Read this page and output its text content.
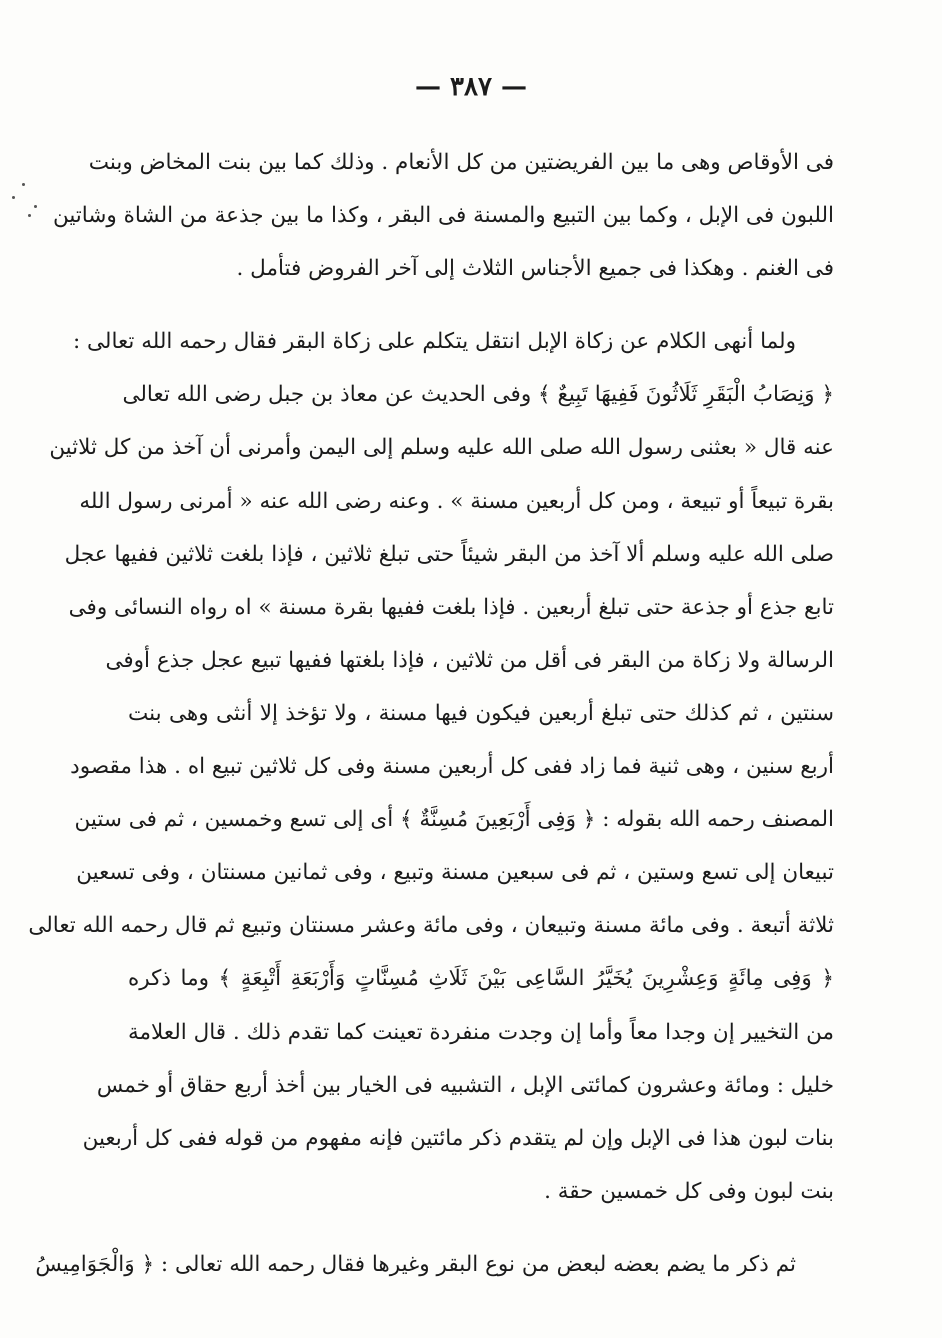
— ٣٨٧ —
فى الأوقاص وهى ما بين الفريضتين من كل الأنعام . وذلك كما بين بنت المخاض وبنت
اللبون فى الإبل ، وكما بين التبيع والمسنة فى البقر ، وكذا ما بين جذعة من الشاة وشاتين
فى الغنم . وهكذا فى جميع الأجناس الثلاث إلى آخر الفروض فتأمل .
ولما أنهى الكلام عن زكاة الإبل انتقل يتكلم على زكاة البقر فقال رحمه الله تعالى :
﴿ وَنِصَابُ الْبَقَرِ ثَلَاثُونَ فَفِيهَا تَبِيعٌ ﴾ وفى الحديث عن معاذ بن جبل رضى الله تعالى
عنه قال « بعثنى رسول الله صلى الله عليه وسلم إلى اليمن وأمرنى أن آخذ من كل ثلاثين
بقرة تبيعاً أو تبيعة ، ومن كل أربعين مسنة » . وعنه رضى الله عنه « أمرنى رسول الله
صلى الله عليه وسلم ألا آخذ من البقر شيئاً حتى تبلغ ثلاثين ، فإذا بلغت ثلاثين ففيها عجل
تابع جذع أو جذعة حتى تبلغ أربعين . فإذا بلغت ففيها بقرة مسنة » اه رواه النسائى وفى
الرسالة ولا زكاة من البقر فى أقل من ثلاثين ، فإذا بلغتها ففيها تبيع عجل جذع أوفى
سنتين ، ثم كذلك حتى تبلغ أربعين فيكون فيها مسنة ، ولا تؤخذ إلا أنثى وهى بنت
أربع سنين ، وهى ثنية فما زاد ففى كل أربعين مسنة وفى كل ثلاثين تبيع اه . هذا مقصود
المصنف رحمه الله بقوله : ﴿ وَفِى أَرْبَعِينَ مُسِنَّةٌ ﴾ أى إلى تسع وخمسين ، ثم فى ستين
تبيعان إلى تسع وستين ، ثم فى سبعين مسنة وتبيع ، وفى ثمانين مسنتان ، وفى تسعين
ثلاثة أتبعة . وفى مائة مسنة وتبيعان ، وفى مائة وعشر مسنتان وتبيع ثم قال رحمه الله تعالى
﴿ وَفِى مِائَةٍ وَعِشْرِينَ يُخَيَّرُ السَّاعِى بَيْنَ ثَلَاثِ مُسِنَّاتٍ وَأَرْبَعَةِ أَتْبِعَةٍ ﴾ وما ذكره
من التخيير إن وجدا معاً وأما إن وجدت منفردة تعينت كما تقدم ذلك . قال العلامة
خليل : ومائة وعشرون كمائتى الإبل ، التشبيه فى الخيار بين أخذ أربع حقاق أو خمس
بنات لبون هذا فى الإبل وإن لم يتقدم ذكر مائتين فإنه مفهوم من قوله ففى كل أربعين
بنت لبون وفى كل خمسين حقة .
ثم ذكر ما يضم بعضه لبعض من نوع البقر وغيرها فقال رحمه الله تعالى : ﴿ وَالْجَوَامِيسُ
